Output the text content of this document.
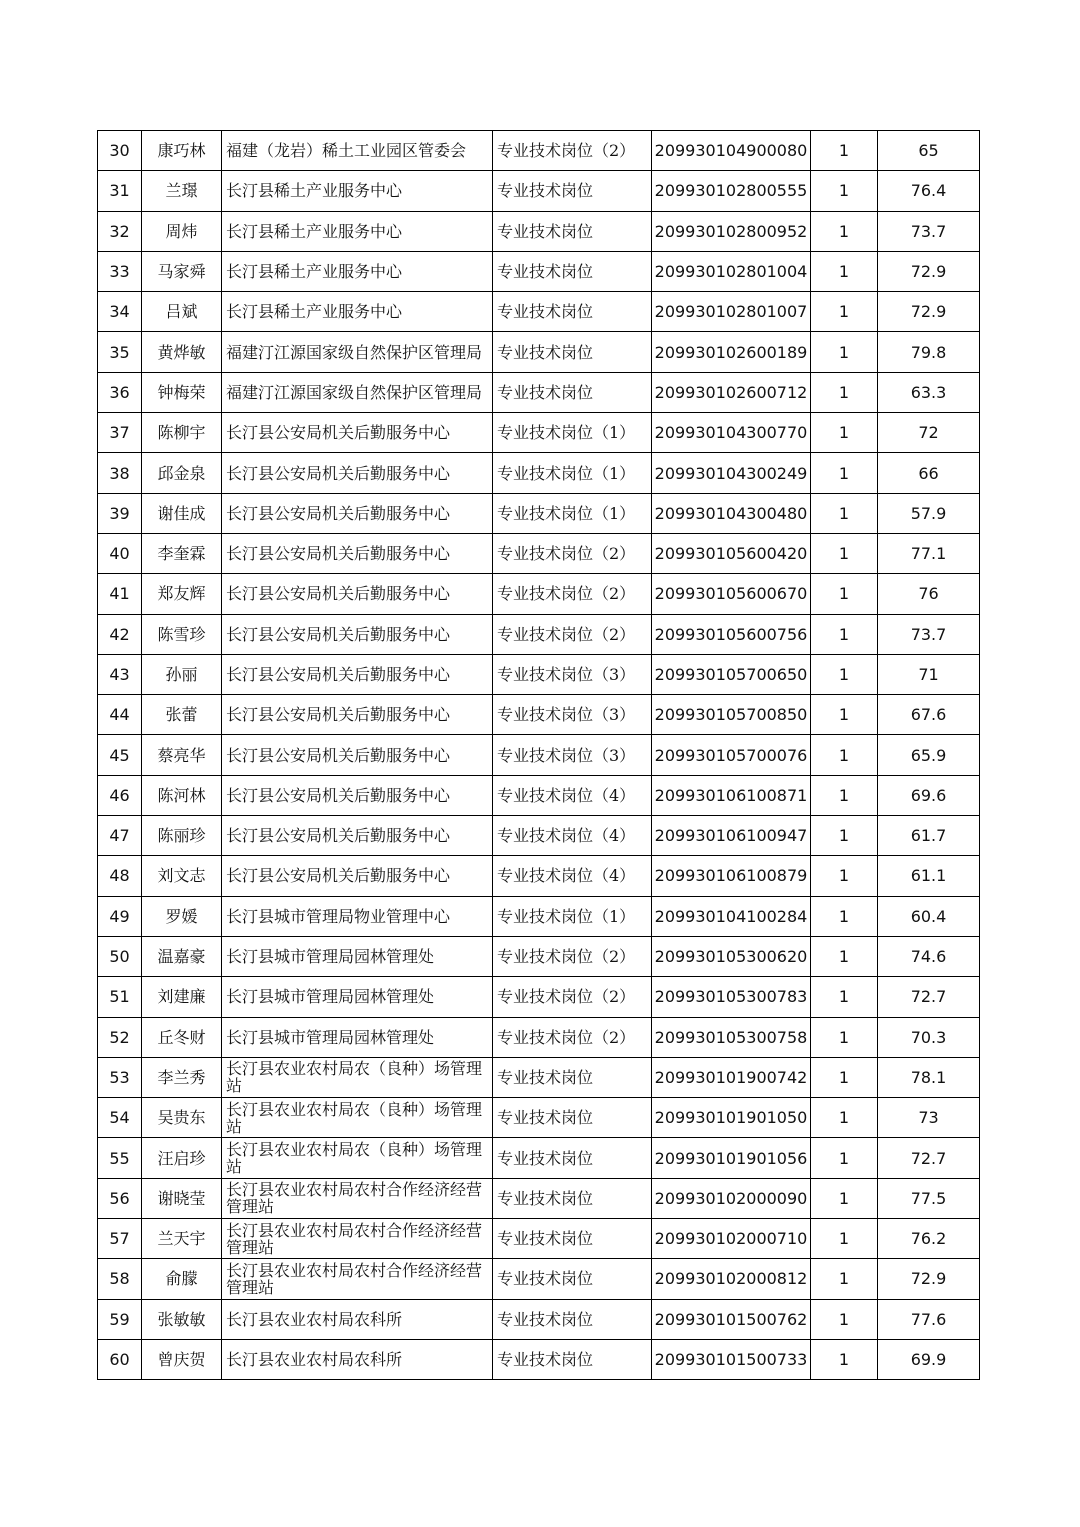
30	康巧林	福建（龙岩）稀土工业园区管委会	专业技术岗位（2）	209930104900080	1	65
31	兰璟	长汀县稀土产业服务中心	专业技术岗位	209930102800555	1	76.4
32	周炜	长汀县稀土产业服务中心	专业技术岗位	209930102800952	1	73.7
33	马家舜	长汀县稀土产业服务中心	专业技术岗位	209930102801004	1	72.9
34	吕斌	长汀县稀土产业服务中心	专业技术岗位	209930102801007	1	72.9
35	黄烨敏	福建汀江源国家级自然保护区管理局	专业技术岗位	209930102600189	1	79.8
36	钟梅荣	福建汀江源国家级自然保护区管理局	专业技术岗位	209930102600712	1	63.3
37	陈柳宇	长汀县公安局机关后勤服务中心	专业技术岗位（1）	209930104300770	1	72
38	邱金泉	长汀县公安局机关后勤服务中心	专业技术岗位（1）	209930104300249	1	66
39	谢佳成	长汀县公安局机关后勤服务中心	专业技术岗位（1）	209930104300480	1	57.9
40	李奎霖	长汀县公安局机关后勤服务中心	专业技术岗位（2）	209930105600420	1	77.1
41	郑友辉	长汀县公安局机关后勤服务中心	专业技术岗位（2）	209930105600670	1	76
42	陈雪珍	长汀县公安局机关后勤服务中心	专业技术岗位（2）	209930105600756	1	73.7
43	孙丽	长汀县公安局机关后勤服务中心	专业技术岗位（3）	209930105700650	1	71
44	张蕾	长汀县公安局机关后勤服务中心	专业技术岗位（3）	209930105700850	1	67.6
45	蔡亮华	长汀县公安局机关后勤服务中心	专业技术岗位（3）	209930105700076	1	65.9
46	陈河林	长汀县公安局机关后勤服务中心	专业技术岗位（4）	209930106100871	1	69.6
47	陈丽珍	长汀县公安局机关后勤服务中心	专业技术岗位（4）	209930106100947	1	61.7
48	刘文志	长汀县公安局机关后勤服务中心	专业技术岗位（4）	209930106100879	1	61.1
49	罗媛	长汀县城市管理局物业管理中心	专业技术岗位（1）	209930104100284	1	60.4
50	温嘉豪	长汀县城市管理局园林管理处	专业技术岗位（2）	209930105300620	1	74.6
51	刘建廉	长汀县城市管理局园林管理处	专业技术岗位（2）	209930105300783	1	72.7
52	丘冬财	长汀县城市管理局园林管理处	专业技术岗位（2）	209930105300758	1	70.3
53	李兰秀	长汀县农业农村局农（良种）场管理站	专业技术岗位	209930101900742	1	78.1
54	吴贵东	长汀县农业农村局农（良种）场管理站	专业技术岗位	209930101901050	1	73
55	汪启珍	长汀县农业农村局农（良种）场管理站	专业技术岗位	209930101901056	1	72.7
56	谢晓莹	长汀县农业农村局农村合作经济经营管理站	专业技术岗位	209930102000090	1	77.5
57	兰天宇	长汀县农业农村局农村合作经济经营管理站	专业技术岗位	209930102000710	1	76.2
58	俞朦	长汀县农业农村局农村合作经济经营管理站	专业技术岗位	209930102000812	1	72.9
59	张敏敏	长汀县农业农村局农科所	专业技术岗位	209930101500762	1	77.6
60	曾庆贺	长汀县农业农村局农科所	专业技术岗位	209930101500733	1	69.9
